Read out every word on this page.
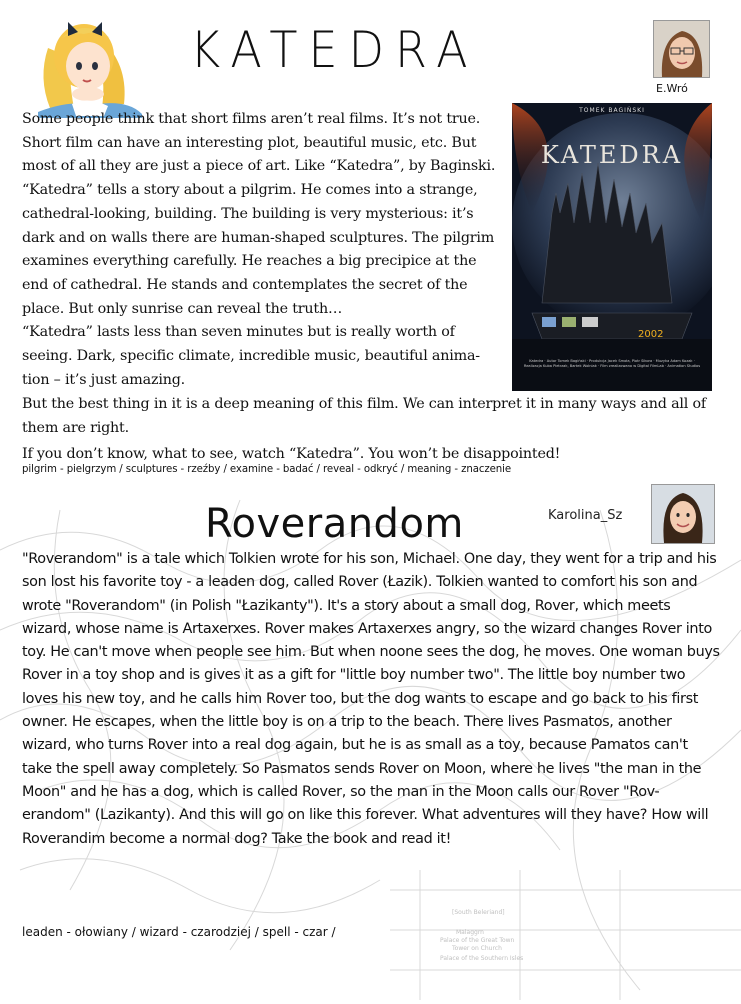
KATEDRA
E.Wró
TOMEK BAGIŃSKI
KATEDRA
2002
Katedra · Autor Tomek Bagiński · Produkcja Jacek Smoła, Piotr Sikora · Muzyka Adam Kozak · Realizacja Kuba Pietrzak, Bartek Wolniak · Film zrealizowano w Digital FilmLab · Animation Studios

Some people think that short films aren’t real films. It’s not true. Short film can have an interesting plot, beautiful music, etc. But most of all they are just a piece of art. Like “Katedra”, by Baginski.

“Katedra” tells a story about a pilgrim. He comes into a strange, cathedral-looking, building. The building is very mysterious: it’s dark and on walls there are human-shaped sculptures. The pilgrim examines everything carefully. He reaches a big precipice at the end of cathedral. He stands and contemplates the secret of the place. But only sunrise can reveal the truth…

“Katedra” lasts less than seven minutes but is really worth of seeing. Dark, specific climate, incredible music, beautiful anima-tion – it’s just amazing.

But the best thing in it is a deep meaning of this film. We can interpret it in many ways and all of them are right.

If you don’t know, what to see, watch “Katedra”. You won’t be disappointed!

pilgrim - pielgrzym / sculptures - rzeźby / examine - badać / reveal - odkryć / meaning - znaczenie
[South Beleriand]
Malaggrn
Palace of the Great Town
Tower on Church
Palace of the Southern Isles
Roverandom	Karolina_Sz

"Roverandom" is a tale which Tolkien wrote for his son, Michael. One day, they went for a trip and his son lost his favorite toy - a leaden dog, called Rover (Łazik). Tolkien wanted to comfort his son and wrote "Roverandom" (in Polish "Łazikanty"). It's a story about a small dog, Rover, which meets wizard, whose name is Artaxerxes. Rover makes Artaxerxes angry, so the wizard changes Rover into toy. He can't move when people see him. But when noone sees the dog, he moves. One woman buys Rover in a toy shop and is gives it as a gift for "little boy number two". The little boy number two loves his new toy, and he calls him Rover too, but the dog wants to escape and go back to his first owner. He escapes, when the little boy is on a trip to the beach. There lives Pasmatos, another wizard, who turns Rover into a real dog again, but he is as small as a toy, because Pamatos can't take the spell away completely. So Pasmatos sends Rover on Moon, where he lives "the man in the Moon" and he has a dog, which is called Rover, so the man in the Moon calls our Rover "Rov-erandom" (Lazikanty). And this will go on like this forever. What adventures will they have? How will Roverandim become a normal dog? Take the book and read it!

leaden - ołowiany / wizard - czarodziej / spell - czar /
